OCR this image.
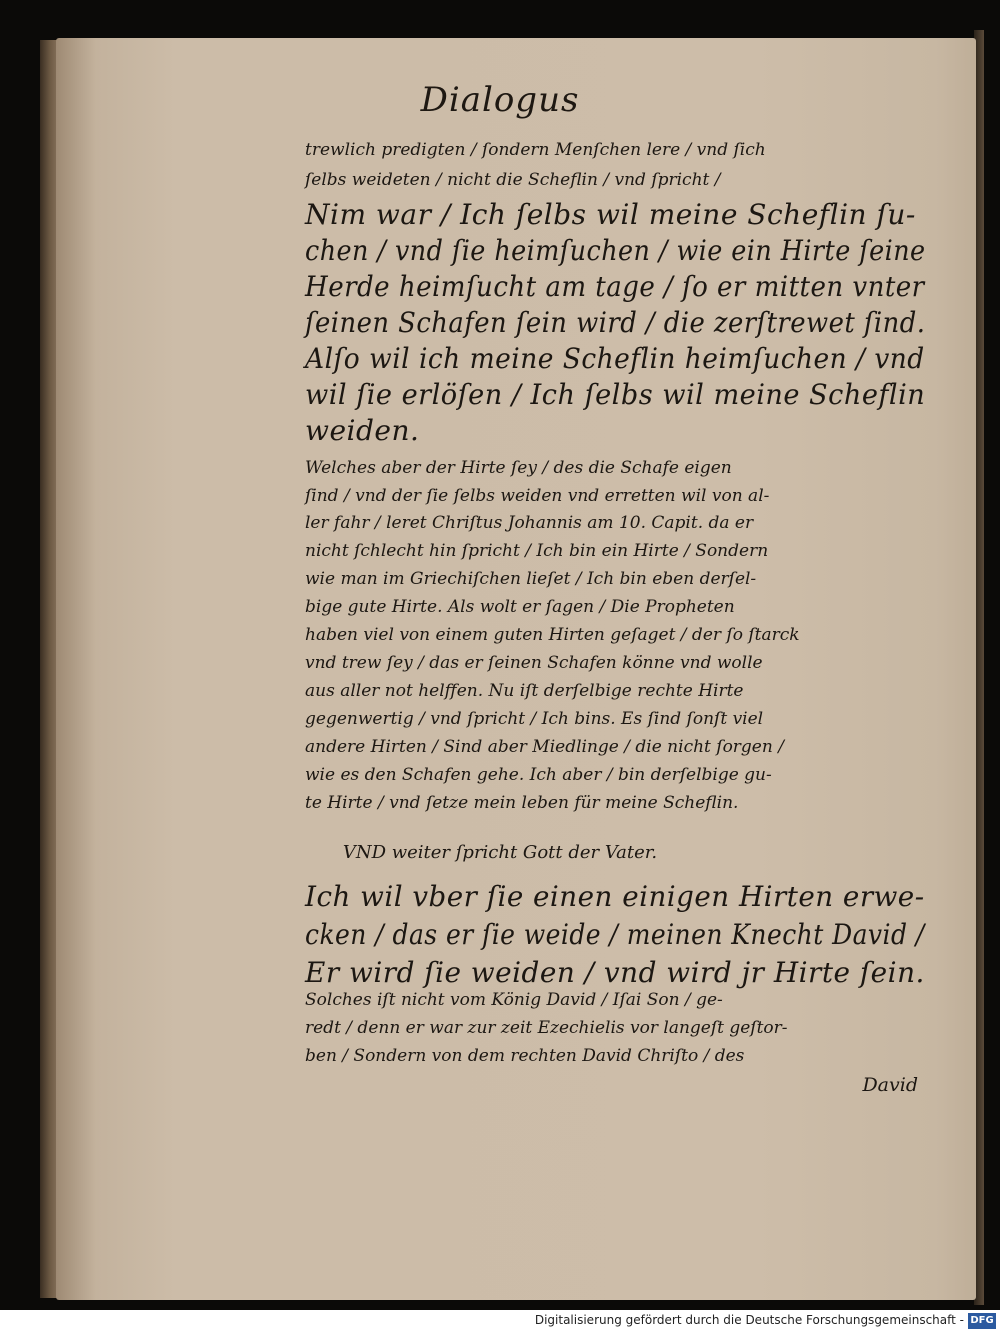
Dialogus
trewlich predigten / ſondern Menſchen lere / vnd ſich
ſelbs weideten / nicht die Scheflin / vnd ſpricht /
Nim war / Ich ſelbs wil meine Scheflin ſu-
chen / vnd ſie heimſuchen / wie ein Hirte ſeine
Herde heimſucht am tage / ſo er mitten vnter
ſeinen Schafen ſein wird / die zerſtrewet ſind.
Alſo wil ich meine Scheflin heimſuchen / vnd
wil ſie erlöſen / Ich ſelbs wil meine Scheflin
weiden.
Welches aber der Hirte ſey / des die Schafe eigen
ſind / vnd der ſie ſelbs weiden vnd erretten wil von al-
ler fahr / leret Chriſtus Johannis am 10. Capit. da er
nicht ſchlecht hin ſpricht / Ich bin ein Hirte / Sondern
wie man im Griechiſchen lieſet / Ich bin eben derſel-
bige gute Hirte. Als wolt er ſagen / Die Propheten
haben viel von einem guten Hirten geſaget / der ſo ſtarck
vnd trew ſey / das er ſeinen Schafen könne vnd wolle
aus aller not helffen. Nu iſt derſelbige rechte Hirte
gegenwertig / vnd ſpricht / Ich bins. Es ſind ſonſt viel
andere Hirten / Sind aber Miedlinge / die nicht ſorgen /
wie es den Schafen gehe. Ich aber / bin derſelbige gu-
te Hirte / vnd ſetze mein leben für meine Scheflin.
VND weiter ſpricht Gott der Vater.
Ich wil vber ſie einen einigen Hirten erwe-
cken / das er ſie weide / meinen Knecht David /
Er wird ſie weiden / vnd wird jr Hirte ſein.
Solches iſt nicht vom König David / Iſai Son / ge-
redt / denn er war zur zeit Ezechielis vor langeſt geſtor-
ben / Sondern von dem rechten David Chriſto / des
David
Digitalisierung gefördert durch die Deutsche Forschungsgemeinschaft - DFG
